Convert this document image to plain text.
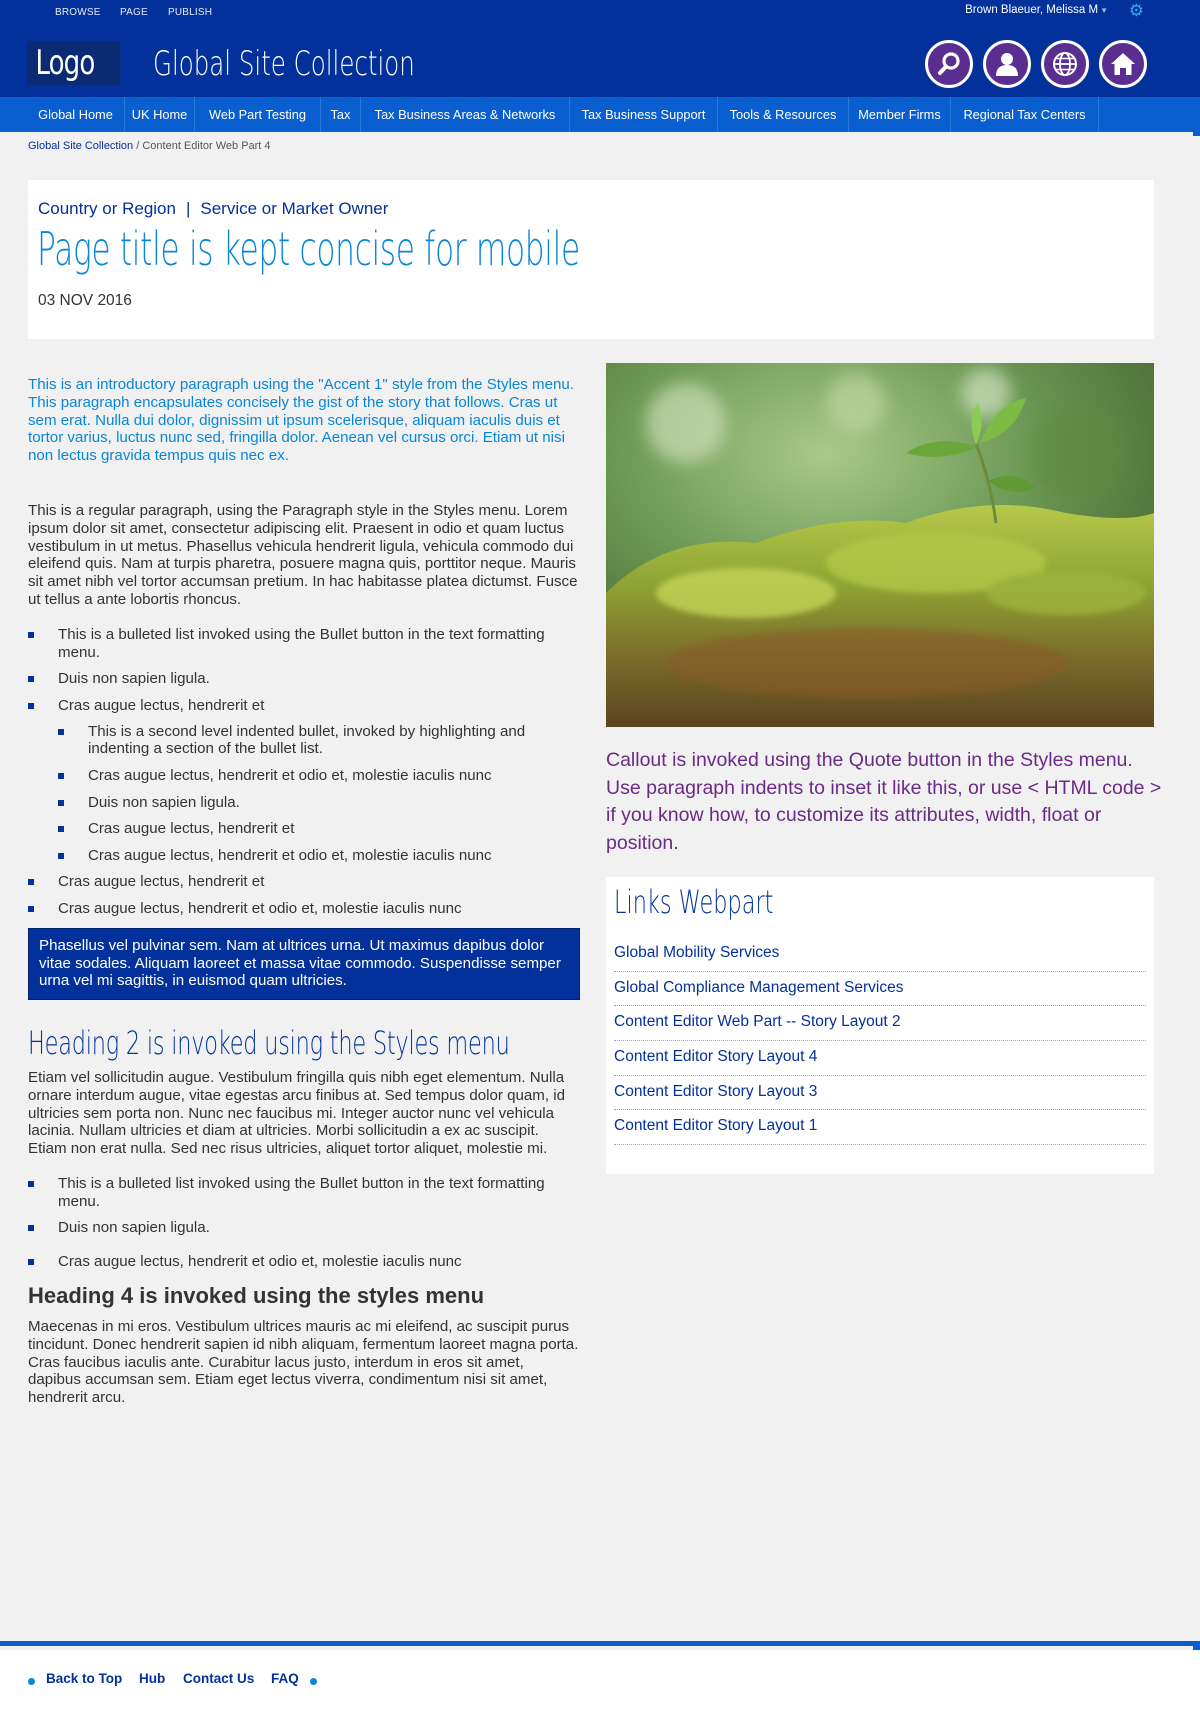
BROWSE PAGE PUBLISH	Brown Blaeuer, Melissa M ▼ ⚙
Logo	Global Site Collection
Global Home	UK Home	Web Part Testing	Tax	Tax Business Areas & Networks	Tax Business Support	Tools & Resources	Member Firms	Regional Tax Centers
Global Site Collection / Content Editor Web Part 4
Country or Region | Service or Market Owner
Page title is kept concise for mobile
03 NOV 2016

This is an introductory paragraph using the "Accent 1" style from the Styles menu. This paragraph encapsulates concisely the gist of the story that follows. Cras ut sem erat. Nulla dui dolor, dignissim ut ipsum scelerisque, aliquam iaculis duis et tortor varius, luctus nunc sed, fringilla dolor. Aenean vel cursus orci. Etiam ut nisi non lectus gravida tempus quis nec ex.

This is a regular paragraph, using the Paragraph style in the Styles menu. Lorem ipsum dolor sit amet, consectetur adipiscing elit. Praesent in odio et quam luctus vestibulum in ut metus. Phasellus vehicula hendrerit ligula, vehicula commodo dui eleifend quis. Nam at turpis pharetra, posuere magna quis, porttitor neque. Mauris sit amet nibh vel tortor accumsan pretium. In hac habitasse platea dictumst. Fusce ut tellus a ante lobortis rhoncus.

This is a bulleted list invoked using the Bullet button in the text formatting menu.
Duis non sapien ligula.
Cras augue lectus, hendrerit et
This is a second level indented bullet, invoked by highlighting and indenting a section of the bullet list.
Cras augue lectus, hendrerit et odio et, molestie iaculis nunc
Duis non sapien ligula.
Cras augue lectus, hendrerit et
Cras augue lectus, hendrerit et odio et, molestie iaculis nunc
Cras augue lectus, hendrerit et
Cras augue lectus, hendrerit et odio et, molestie iaculis nunc
Phasellus vel pulvinar sem. Nam at ultrices urna. Ut maximus dapibus dolor vitae sodales. Aliquam laoreet et massa vitae commodo. Suspendisse semper urna vel mi sagittis, in euismod quam ultricies.
Heading 2 is invoked using the Styles menu

Etiam vel sollicitudin augue. Vestibulum fringilla quis nibh eget elementum. Nulla ornare interdum augue, vitae egestas arcu finibus at. Sed tempus dolor quam, id ultricies sem porta non. Nunc nec faucibus mi. Integer auctor nunc vel vehicula lacinia. Nullam ultricies et diam at ultricies. Morbi sollicitudin a ex ac suscipit. Etiam non erat nulla. Sed nec risus ultricies, aliquet tortor aliquet, molestie mi.

This is a bulleted list invoked using the Bullet button in the text formatting menu.
Duis non sapien ligula.
Cras augue lectus, hendrerit et odio et, molestie iaculis nunc
Heading 4 is invoked using the styles menu

Maecenas in mi eros. Vestibulum ultrices mauris ac mi eleifend, ac suscipit purus tincidunt. Donec hendrerit sapien id nibh aliquam, fermentum laoreet magna porta. Cras faucibus iaculis ante. Curabitur lacus justo, interdum in eros sit amet, dapibus accumsan sem. Etiam eget lectus viverra, condimentum nisi sit amet, hendrerit arcu.

Callout is invoked using the Quote button in the Styles menu. Use paragraph indents to inset it like this, or use < HTML code > if you know how, to customize its attributes, width, float or position.
Links Webpart
Global Mobility Services
Global Compliance Management Services
Content Editor Web Part -- Story Layout 2
Content Editor Story Layout 4
Content Editor Story Layout 3
Content Editor Story Layout 1
Back to Top Hub Contact Us FAQ
